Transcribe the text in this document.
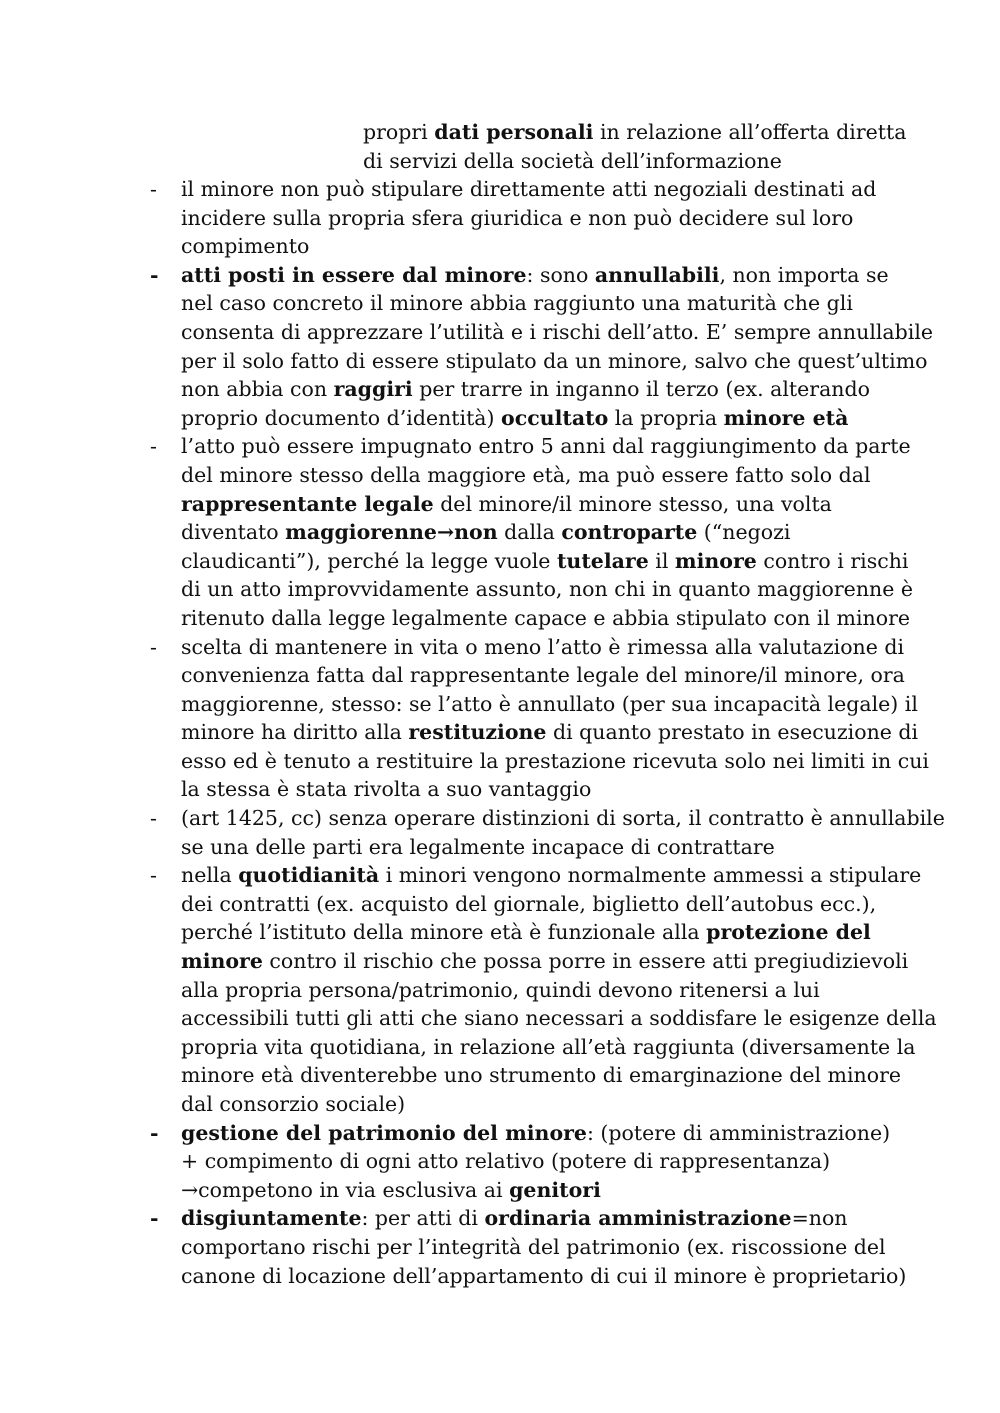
propri dati personali in relazione all’offerta diretta
di servizi della società dell’informazione
-	il minore non può stipulare direttamente atti negoziali destinati ad
incidere sulla propria sfera giuridica e non può decidere sul loro
compimento
-	atti posti in essere dal minore: sono annullabili, non importa se
nel caso concreto il minore abbia raggiunto una maturità che gli
consenta di apprezzare l’utilità e i rischi dell’atto. E’ sempre annullabile
per il solo fatto di essere stipulato da un minore, salvo che quest’ultimo
non abbia con raggiri per trarre in inganno il terzo (ex. alterando
proprio documento d’identità) occultato la propria minore età
-	l’atto può essere impugnato entro 5 anni dal raggiungimento da parte
del minore stesso della maggiore età, ma può essere fatto solo dal
rappresentante legale del minore/il minore stesso, una volta
diventato maggiorenne→non dalla controparte (“negozi
claudicanti”), perché la legge vuole tutelare il minore contro i rischi
di un atto improvvidamente assunto, non chi in quanto maggiorenne è
ritenuto dalla legge legalmente capace e abbia stipulato con il minore
-	scelta di mantenere in vita o meno l’atto è rimessa alla valutazione di
convenienza fatta dal rappresentante legale del minore/il minore, ora
maggiorenne, stesso: se l’atto è annullato (per sua incapacità legale) il
minore ha diritto alla restituzione di quanto prestato in esecuzione di
esso ed è tenuto a restituire la prestazione ricevuta solo nei limiti in cui
la stessa è stata rivolta a suo vantaggio
-	(art 1425, cc) senza operare distinzioni di sorta, il contratto è annullabile
se una delle parti era legalmente incapace di contrattare
-	nella quotidianità i minori vengono normalmente ammessi a stipulare
dei contratti (ex. acquisto del giornale, biglietto dell’autobus ecc.),
perché l’istituto della minore età è funzionale alla protezione del
minore contro il rischio che possa porre in essere atti pregiudizievoli
alla propria persona/patrimonio, quindi devono ritenersi a lui
accessibili tutti gli atti che siano necessari a soddisfare le esigenze della
propria vita quotidiana, in relazione all’età raggiunta (diversamente la
minore età diventerebbe uno strumento di emarginazione del minore
dal consorzio sociale)
-	gestione del patrimonio del minore: (potere di amministrazione)
+ compimento di ogni atto relativo (potere di rappresentanza)
→competono in via esclusiva ai genitori
-	disgiuntamente: per atti di ordinaria amministrazione=non
comportano rischi per l’integrità del patrimonio (ex. riscossione del
canone di locazione dell’appartamento di cui il minore è proprietario)
